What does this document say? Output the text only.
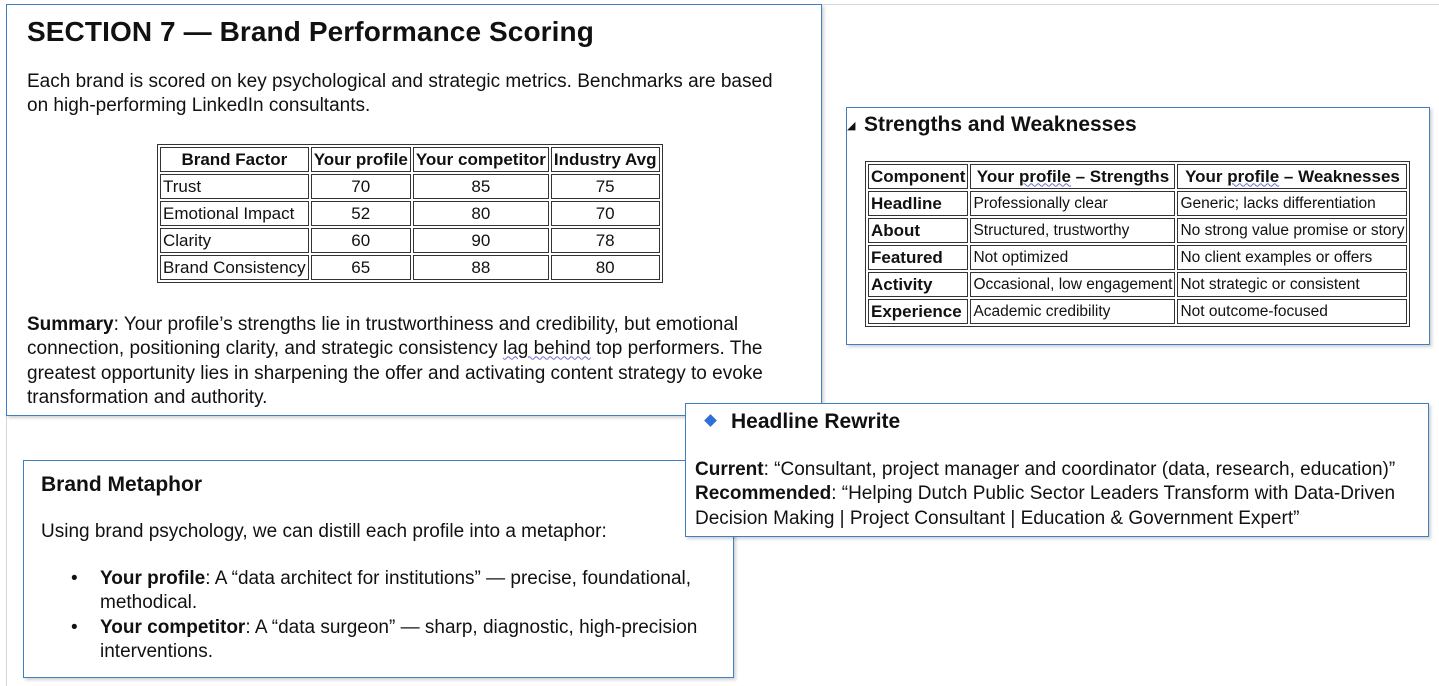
SECTION 7 — Brand Performance Scoring

Each brand is scored on key psychological and strategic metrics. Benchmarks are based on high-performing LinkedIn consultants.

Brand Factor	Your profile	Your competitor	Industry Avg
Trust	70	85	75
Emotional Impact	52	80	70
Clarity	60	90	78
Brand Consistency	65	88	80

Summary: Your profile’s strengths lie in trustworthiness and credibility, but emotional connection, positioning clarity, and strategic consistency lag behind top performers. The greatest opportunity lies in sharpening the offer and activating content strategy to evoke transformation and authority.

◢ Strengths and Weaknesses
Component	Your profile – Strengths	Your profile – Weaknesses
Headline	Professionally clear	Generic; lacks differentiation
About	Structured, trustworthy	No strong value promise or story
Featured	Not optimized	No client examples or offers
Activity	Occasional, low engagement	Not strategic or consistent
Experience	Academic credibility	Not outcome-focused
Brand Metaphor

Using brand psychology, we can distill each profile into a metaphor:

• Your profile: A “data architect for institutions” — precise, foundational, methodical.
• Your competitor: A “data surgeon” — sharp, diagnostic, high-precision interventions.
Headline Rewrite

Current: “Consultant, project manager and coordinator (data, research, education)”
Recommended: “Helping Dutch Public Sector Leaders Transform with Data-Driven Decision Making | Project Consultant | Education & Government Expert”
